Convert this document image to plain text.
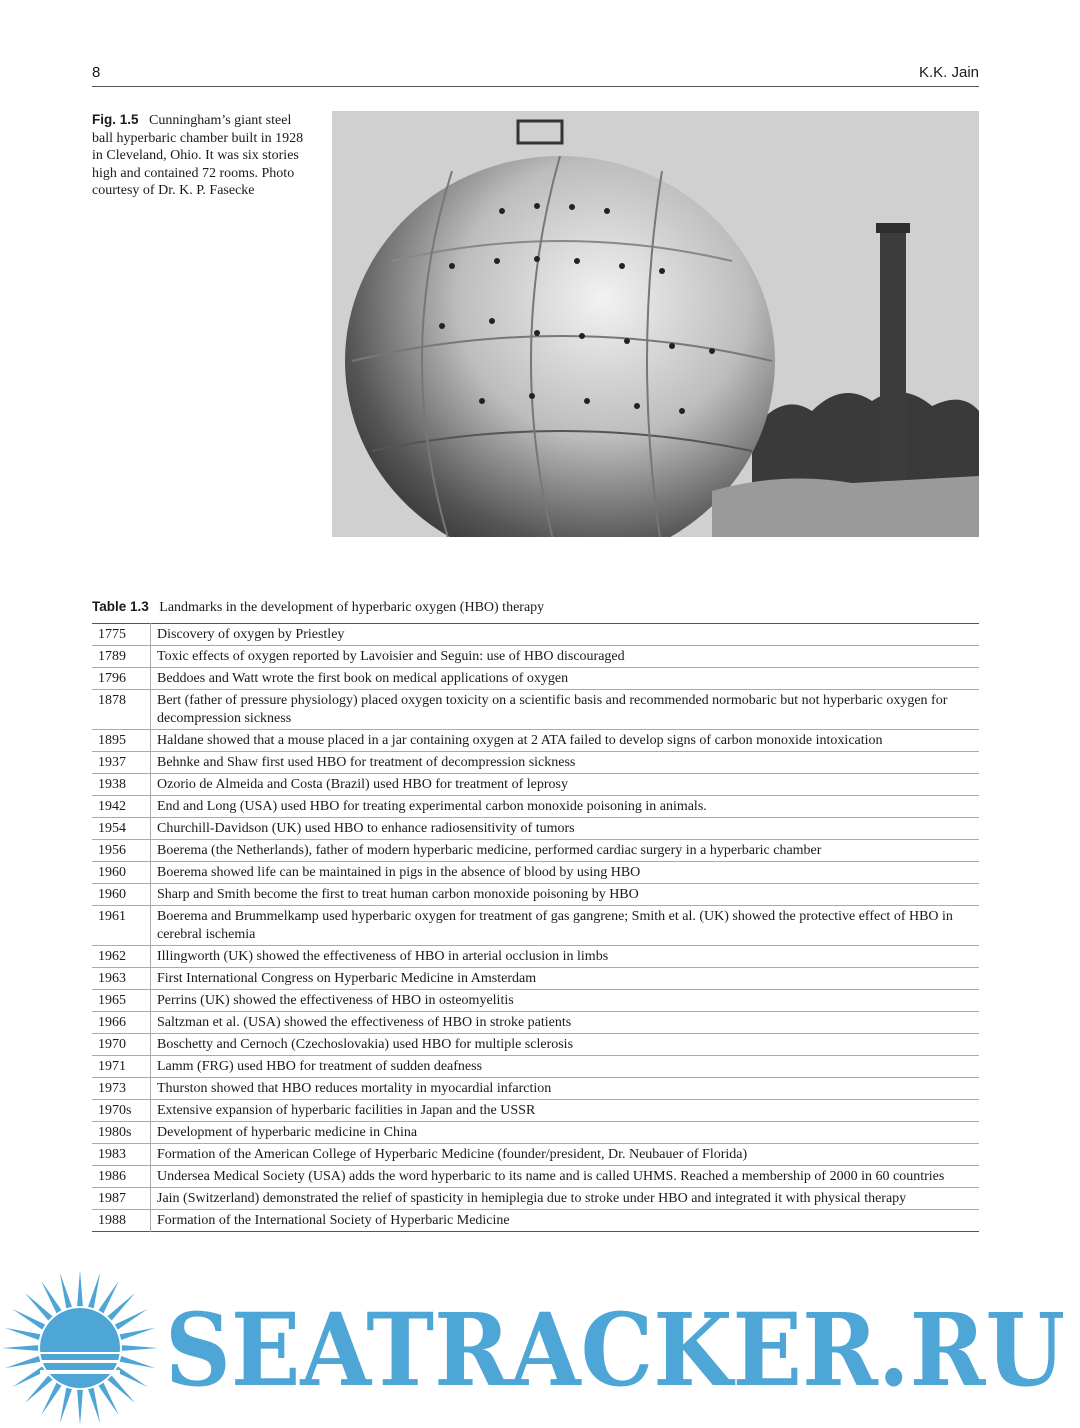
8	K.K. Jain
Fig. 1.5 Cunningham’s giant steel ball hyperbaric chamber built in 1928 in Cleveland, Ohio. It was six stories high and contained 72 rooms. Photo courtesy of Dr. K. P. Fasecke
Table 1.3 Landmarks in the development of hyperbaric oxygen (HBO) therapy
1775	Discovery of oxygen by Priestley
1789	Toxic effects of oxygen reported by Lavoisier and Seguin: use of HBO discouraged
1796	Beddoes and Watt wrote the first book on medical applications of oxygen
1878	Bert (father of pressure physiology) placed oxygen toxicity on a scientific basis and recommended normobaric but not hyperbaric oxygen for decompression sickness
1895	Haldane showed that a mouse placed in a jar containing oxygen at 2 ATA failed to develop signs of carbon monoxide intoxication
1937	Behnke and Shaw first used HBO for treatment of decompression sickness
1938	Ozorio de Almeida and Costa (Brazil) used HBO for treatment of leprosy
1942	End and Long (USA) used HBO for treating experimental carbon monoxide poisoning in animals.
1954	Churchill-Davidson (UK) used HBO to enhance radiosensitivity of tumors
1956	Boerema (the Netherlands), father of modern hyperbaric medicine, performed cardiac surgery in a hyperbaric chamber
1960	Boerema showed life can be maintained in pigs in the absence of blood by using HBO
1960	Sharp and Smith become the first to treat human carbon monoxide poisoning by HBO
1961	Boerema and Brummelkamp used hyperbaric oxygen for treatment of gas gangrene; Smith et al. (UK) showed the protective effect of HBO in cerebral ischemia
1962	Illingworth (UK) showed the effectiveness of HBO in arterial occlusion in limbs
1963	First International Congress on Hyperbaric Medicine in Amsterdam
1965	Perrins (UK) showed the effectiveness of HBO in osteomyelitis
1966	Saltzman et al. (USA) showed the effectiveness of HBO in stroke patients
1970	Boschetty and Cernoch (Czechoslovakia) used HBO for multiple sclerosis
1971	Lamm (FRG) used HBO for treatment of sudden deafness
1973	Thurston showed that HBO reduces mortality in myocardial infarction
1970s	Extensive expansion of hyperbaric facilities in Japan and the USSR
1980s	Development of hyperbaric medicine in China
1983	Formation of the American College of Hyperbaric Medicine (founder/president, Dr. Neubauer of Florida)
1986	Undersea Medical Society (USA) adds the word hyperbaric to its name and is called UHMS. Reached a membership of 2000 in 60 countries
1987	Jain (Switzerland) demonstrated the relief of spasticity in hemiplegia due to stroke under HBO and integrated it with physical therapy
1988	Formation of the International Society of Hyperbaric Medicine
SEATRACKER.RU
